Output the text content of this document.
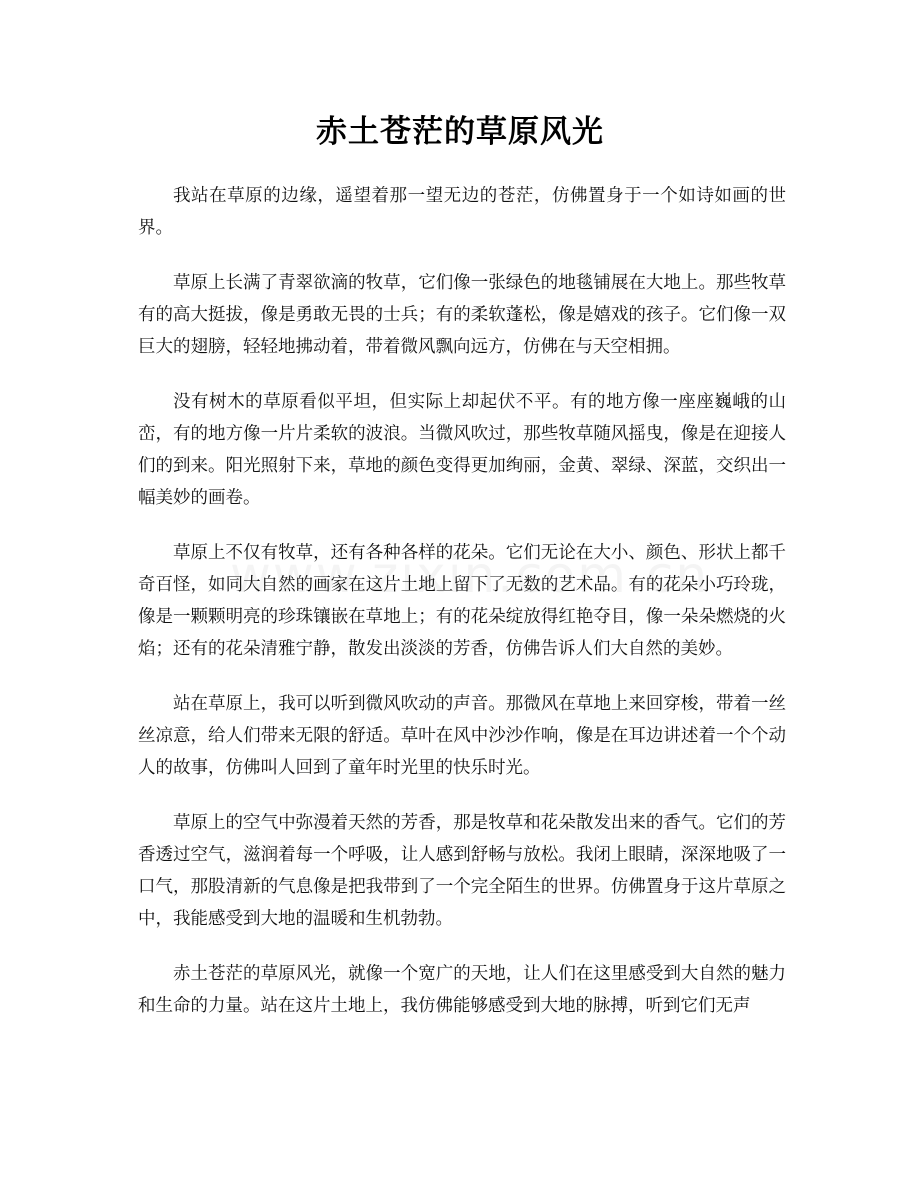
赤土苍茫的草原风光

我站在草原的边缘，遥望着那一望无边的苍茫，仿佛置身于一个如诗如画的世界。

草原上长满了青翠欲滴的牧草，它们像一张绿色的地毯铺展在大地上。那些牧草有的高大挺拔，像是勇敢无畏的士兵；有的柔软蓬松，像是嬉戏的孩子。它们像一双巨大的翅膀，轻轻地拂动着，带着微风飘向远方，仿佛在与天空相拥。

没有树木的草原看似平坦，但实际上却起伏不平。有的地方像一座座巍峨的山峦，有的地方像一片片柔软的波浪。当微风吹过，那些牧草随风摇曳，像是在迎接人们的到来。阳光照射下来，草地的颜色变得更加绚丽，金黄、翠绿、深蓝，交织出一幅美妙的画卷。

草原上不仅有牧草，还有各种各样的花朵。它们无论在大小、颜色、形状上都千奇百怪，如同大自然的画家在这片土地上留下了无数的艺术品。有的花朵小巧玲珑，像是一颗颗明亮的珍珠镶嵌在草地上；有的花朵绽放得红艳夺目，像一朵朵燃烧的火焰；还有的花朵清雅宁静，散发出淡淡的芳香，仿佛告诉人们大自然的美妙。

站在草原上，我可以听到微风吹动的声音。那微风在草地上来回穿梭，带着一丝丝凉意，给人们带来无限的舒适。草叶在风中沙沙作响，像是在耳边讲述着一个个动人的故事，仿佛叫人回到了童年时光里的快乐时光。

草原上的空气中弥漫着天然的芳香，那是牧草和花朵散发出来的香气。它们的芳香透过空气，滋润着每一个呼吸，让人感到舒畅与放松。我闭上眼睛，深深地吸了一口气，那股清新的气息像是把我带到了一个完全陌生的世界。仿佛置身于这片草原之中，我能感受到大地的温暖和生机勃勃。

赤土苍茫的草原风光，就像一个宽广的天地，让人们在这里感受到大自然的魅力和生命的力量。站在这片土地上，我仿佛能够感受到大地的脉搏，听到它们无声
